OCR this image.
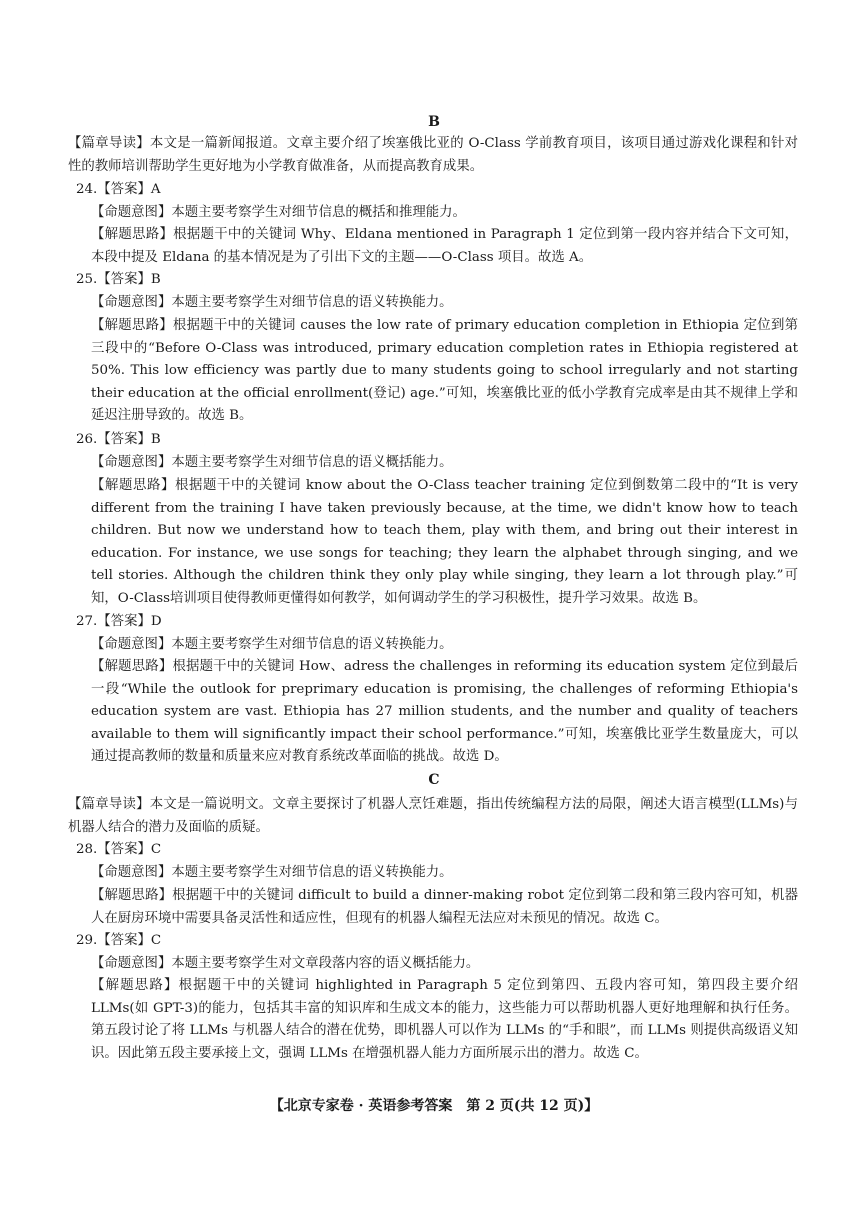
B
【篇章导读】本文是一篇新闻报道。文章主要介绍了埃塞俄比亚的 O-Class 学前教育项目，该项目通过游戏化课程和针对性的教师培训帮助学生更好地为小学教育做准备，从而提高教育成果。
24.【答案】A
【命题意图】本题主要考察学生对细节信息的概括和推理能力。
【解题思路】根据题干中的关键词 Why、Eldana mentioned in Paragraph 1 定位到第一段内容并结合下文可知，本段中提及 Eldana 的基本情况是为了引出下文的主题——O-Class 项目。故选 A。
25.【答案】B
【命题意图】本题主要考察学生对细节信息的语义转换能力。
【解题思路】根据题干中的关键词 causes the low rate of primary education completion in Ethiopia 定位到第三段中的“Before O-Class was introduced, primary education completion rates in Ethiopia registered at 50%. This low efficiency was partly due to many students going to school irregularly and not starting their education at the official enrollment(登记) age.”可知，埃塞俄比亚的低小学教育完成率是由其不规律上学和延迟注册导致的。故选 B。
26.【答案】B
【命题意图】本题主要考察学生对细节信息的语义概括能力。
【解题思路】根据题干中的关键词 know about the O-Class teacher training 定位到倒数第二段中的“It is very different from the training I have taken previously because, at the time, we didn't know how to teach children. But now we understand how to teach them, play with them, and bring out their interest in education. For instance, we use songs for teaching; they learn the alphabet through singing, and we tell stories. Although the children think they only play while singing, they learn a lot through play.”可知，O-Class培训项目使得教师更懂得如何教学，如何调动学生的学习积极性，提升学习效果。故选 B。
27.【答案】D
【命题意图】本题主要考察学生对细节信息的语义转换能力。
【解题思路】根据题干中的关键词 How、adress the challenges in reforming its education system 定位到最后一段“While the outlook for preprimary education is promising, the challenges of reforming Ethiopia's education system are vast. Ethiopia has 27 million students, and the number and quality of teachers available to them will significantly impact their school performance.”可知，埃塞俄比亚学生数量庞大，可以通过提高教师的数量和质量来应对教育系统改革面临的挑战。故选 D。
C
【篇章导读】本文是一篇说明文。文章主要探讨了机器人烹饪难题，指出传统编程方法的局限，阐述大语言模型(LLMs)与机器人结合的潜力及面临的质疑。
28.【答案】C
【命题意图】本题主要考察学生对细节信息的语义转换能力。
【解题思路】根据题干中的关键词 difficult to build a dinner-making robot 定位到第二段和第三段内容可知，机器人在厨房环境中需要具备灵活性和适应性，但现有的机器人编程无法应对未预见的情况。故选 C。
29.【答案】C
【命题意图】本题主要考察学生对文章段落内容的语义概括能力。
【解题思路】根据题干中的关键词 highlighted in Paragraph 5 定位到第四、五段内容可知，第四段主要介绍 LLMs(如 GPT-3)的能力，包括其丰富的知识库和生成文本的能力，这些能力可以帮助机器人更好地理解和执行任务。第五段讨论了将 LLMs 与机器人结合的潜在优势，即机器人可以作为 LLMs 的“手和眼”，而 LLMs 则提供高级语义知识。因此第五段主要承接上文，强调 LLMs 在增强机器人能力方面所展示出的潜力。故选 C。
【北京专家卷 · 英语参考答案　第 2 页(共 12 页)】
